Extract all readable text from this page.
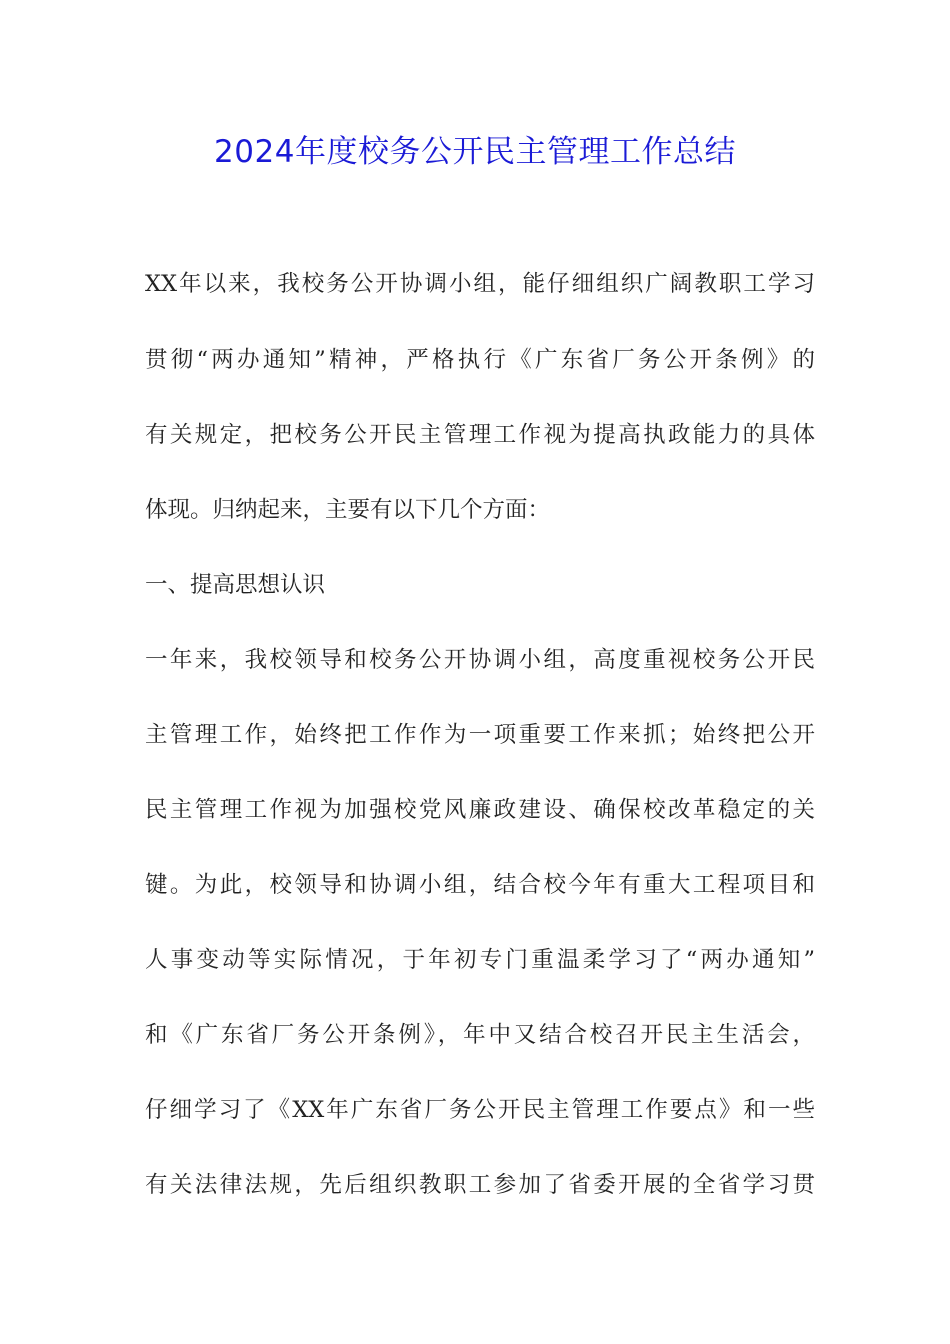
2024年度校务公开民主管理工作总结

XX年以来，我校务公开协调小组，能仔细组织广阔教职工学习

贯彻“两办通知”精神，严格执行《广东省厂务公开条例》的

有关规定，把校务公开民主管理工作视为提高执政能力的具体

体现。归纳起来，主要有以下几个方面：

一、提高思想认识

一年来，我校领导和校务公开协调小组，高度重视校务公开民

主管理工作，始终把工作作为一项重要工作来抓；始终把公开

民主管理工作视为加强校党风廉政建设、确保校改革稳定的关

键。为此，校领导和协调小组，结合校今年有重大工程项目和

人事变动等实际情况，于年初专门重温柔学习了“两办通知”

和《广东省厂务公开条例》，年中又结合校召开民主生活会，

仔细学习了《XX年广东省厂务公开民主管理工作要点》和一些

有关法律法规，先后组织教职工参加了省委开展的全省学习贯
